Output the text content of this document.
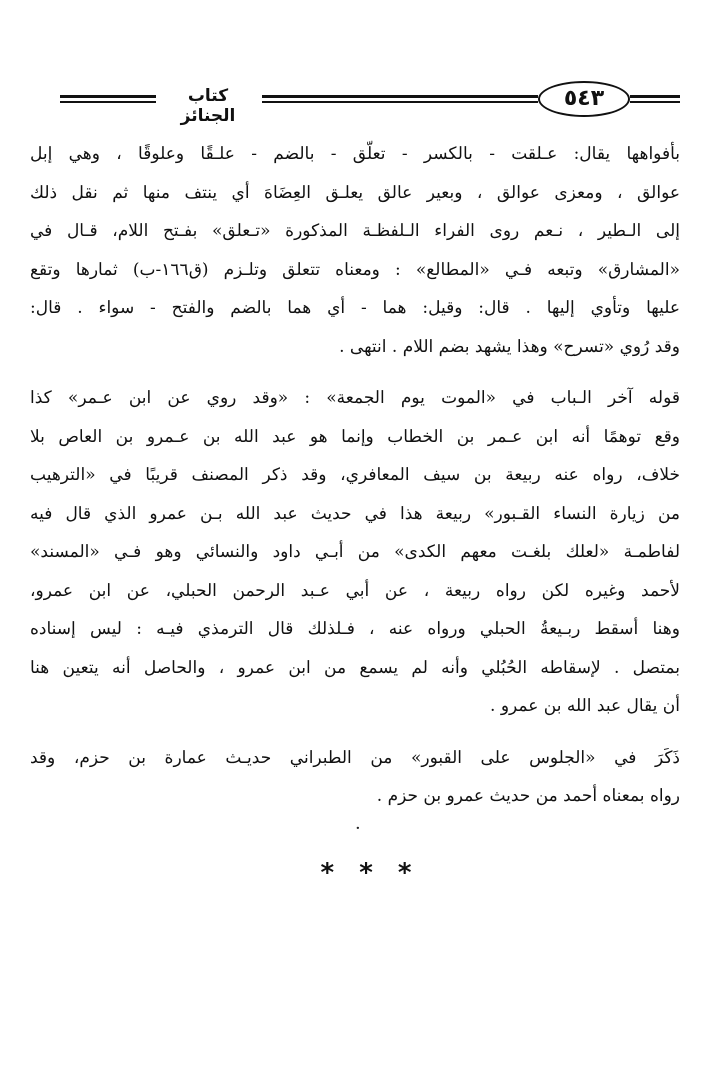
كتاب الجنائز
٥٤٣
بأفواهها يقال: عـلقت - بالكسر - تعلّق - بالضم - علـقًا وعلوقًا ، وهي إبل
عوالق ، ومعزى عوالق ، وبعير عالق يعلـق العِضَاهَ أي ينتف منها ثم نقل ذلك
إلى الـطير ، نـعم روى الفراء الـلفظـة المذكورة «تـعلق» بفـتح اللام، قـال في
«المشارق» وتبعه فـي «المطالع» : ومعناه تتعلق وتلـزم (ق١٦٦-ب) ثمارها وتقع
عليها وتأوي إليها . قال: وقيل: هما - أي هما بالضم والفتح - سواء . قال:
وقد رُوي «تسرح» وهذا يشهد بضم اللام . انتهى .
قوله آخر الـباب في «الموت يوم الجمعة» : «وقد روي عن ابن عـمر» كذا
وقع توهمًا أنه ابن عـمر بن الخطاب وإنما هو عبد الله بن عـمرو بن العاص بلا
خلاف، رواه عنه ربيعة بن سيف المعافري، وقد ذكر المصنف قريبًا في «الترهيب
من زيارة النساء القـبور» ربيعة هذا في حديث عبد الله بـن عمرو الذي قال فيه
لفاطمـة «لعلك بلغـت معهم الكدى» من أبـي داود والنسائي وهو فـي «المسند»
لأحمد وغيره لكن رواه ربيعة ، عن أبي عـبد الرحمن الحبلي، عن ابن عمرو،
وهنا أسقط ربـيعةُ الحبلي ورواه عنه ، فـلذلك قال الترمذي فيـه : ليس إسناده
بمتصل . لإسقاطه الحُبُلي وأنه لم يسمع من ابن عمرو ، والحاصل أنه يتعين هنا
أن يقال عبد الله بن عمرو .
ذَكَرَ في «الجلوس على القبور» من الطبراني حديـث عمارة بن حزم، وقد
رواه بمعناه أحمد من حديث عمرو بن حزم .
·
* * *
